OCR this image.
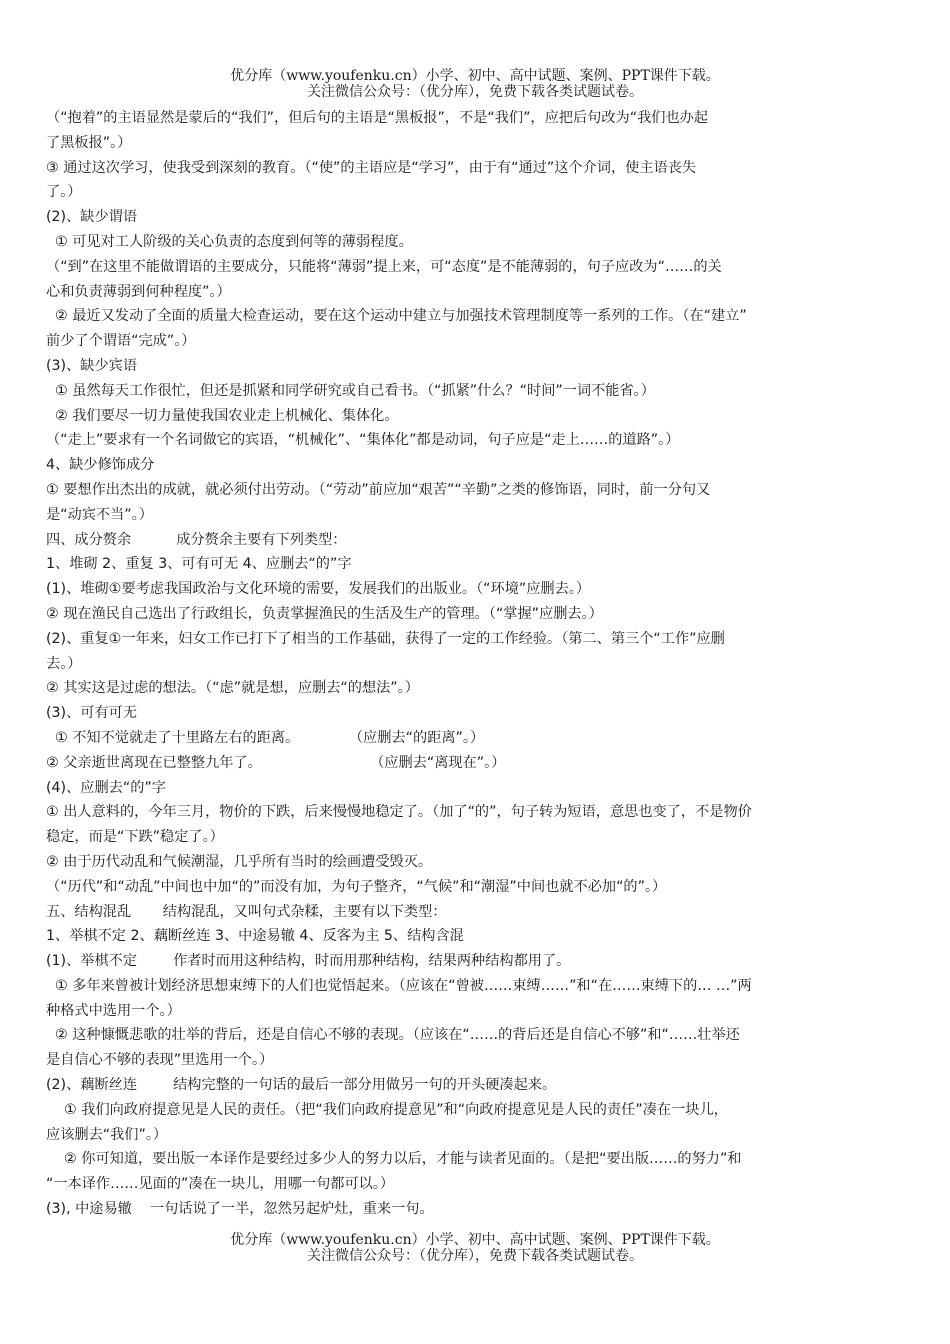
优分库（www.youfenku.cn）小学、初中、高中试题、案例、PPT课件下载。
关注微信公众号：（优分库），免费下载各类试题试卷。
（“抱着”的主语显然是蒙后的“我们”，但后句的主语是“黑板报”，不是“我们”，应把后句改为“我们也办起
了黑板报”。）
③ 通过这次学习，使我受到深刻的教育。（“使”的主语应是“学习”，由于有“通过”这个介词，使主语丧失
了。）
(2)、缺少谓语
① 可见对工人阶级的关心负责的态度到何等的薄弱程度。
（“到”在这里不能做谓语的主要成分，只能将“薄弱”提上来，可“态度”是不能薄弱的，句子应改为“……的关
心和负责薄弱到何种程度”。）
② 最近又发动了全面的质量大检查运动，要在这个运动中建立与加强技术管理制度等一系列的工作。（在“建立”
前少了个谓语“完成”。）
(3)、缺少宾语
① 虽然每天工作很忙，但还是抓紧和同学研究或自己看书。（“抓紧”什么？“时间”一词不能省。）
② 我们要尽一切力量使我国农业走上机械化、集体化。
（“走上”要求有一个名词做它的宾语，“机械化”、“集体化”都是动词，句子应是“走上……的道路”。）
4、缺少修饰成分
① 要想作出杰出的成就，就必须付出劳动。（“劳动”前应加“艰苦”“辛勤”之类的修饰语，同时，前一分句又
是“动宾不当”。）
四、成分赘余          成分赘余主要有下列类型：
1、堆砌 2、重复 3、可有可无 4、应删去“的”字
(1)、堆砌①要考虑我国政治与文化环境的需要，发展我们的出版业。（“环境”应删去。）
② 现在渔民自己选出了行政组长，负责掌握渔民的生活及生产的管理。（“掌握”应删去。）
(2)、重复①一年来，妇女工作已打下了相当的工作基础，获得了一定的工作经验。（第二、第三个“工作”应删
去。）
② 其实这是过虑的想法。（“虑”就是想，应删去“的想法”。）
(3)、可有可无
① 不知不觉就走了十里路左右的距离。           （应删去“的距离”。）
② 父亲逝世离现在已整整九年了。                        （应删去“离现在”。）
(4)、应删去“的”字
① 出人意料的，今年三月，物价的下跌，后来慢慢地稳定了。（加了“的”，句子转为短语，意思也变了，不是物价
稳定，而是“下跌”稳定了。）
② 由于历代动乱和气候潮湿，几乎所有当时的绘画遭受毁灭。
（“历代”和“动乱”中间也中加“的”而没有加，为句子整齐，“气候”和“潮湿”中间也就不必加“的”。）
五、结构混乱       结构混乱，又叫句式杂糅，主要有以下类型：
1、举棋不定 2、藕断丝连 3、中途易辙 4、反客为主 5、结构含混
(1)、举棋不定        作者时而用这种结构，时而用那种结构，结果两种结构都用了。
① 多年来曾被计划经济思想束缚下的人们也觉悟起来。（应该在“曾被……束缚……”和“在……束缚下的… …”两
种格式中选用一个。）
② 这种慷慨悲歌的壮举的背后，还是自信心不够的表现。（应该在“……的背后还是自信心不够”和“……壮举还
是自信心不够的表现”里选用一个。）
(2)、藕断丝连        结构完整的一句话的最后一部分用做另一句的开头硬凑起来。
① 我们向政府提意见是人民的责任。（把“我们向政府提意见”和“向政府提意见是人民的责任”凑在一块儿，
应该删去“我们”。）
② 你可知道，要出版一本译作是要经过多少人的努力以后，才能与读者见面的。（是把“要出版……的努力”和
“一本译作……见面的”凑在一块儿，用哪一句都可以。）
(3), 中途易辙    一句话说了一半，忽然另起炉灶，重来一句。
优分库（www.youfenku.cn）小学、初中、高中试题、案例、PPT课件下载。
关注微信公众号：（优分库），免费下载各类试题试卷。
